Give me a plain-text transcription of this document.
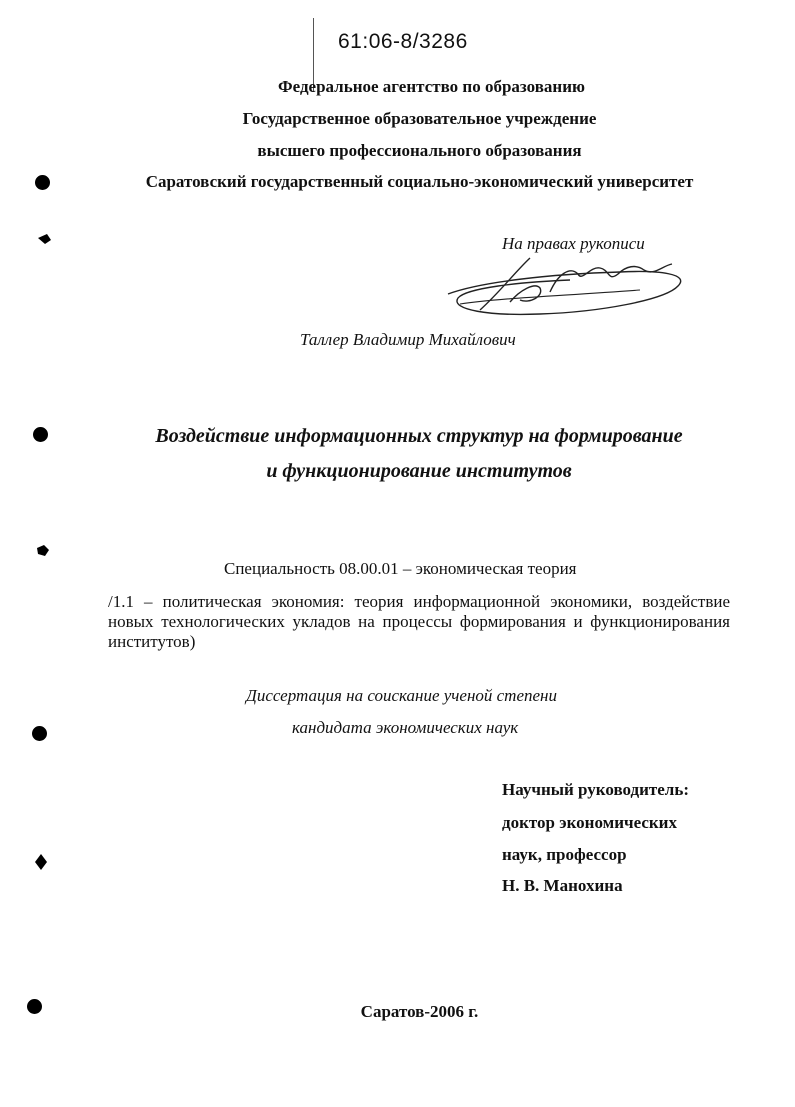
61:06-8/3286
Федеральное агентство по образованию
Государственное образовательное учреждение
высшего профессионального образования
Саратовский государственный социально-экономический университет
На правах рукописи
Таллер Владимир Михайлович
Воздействие информационных структур на формирование
и функционирование институтов
Специальность 08.00.01 – экономическая теория
/1.1 – политическая экономия: теория информационной экономики, воздействие новых технологических укладов на процессы формирования и функционирования институтов)
Диссертация на соискание ученой степени
кандидата экономических наук
Научный руководитель:
доктор экономических
наук, профессор
Н. В. Манохина
Саратов-2006 г.
